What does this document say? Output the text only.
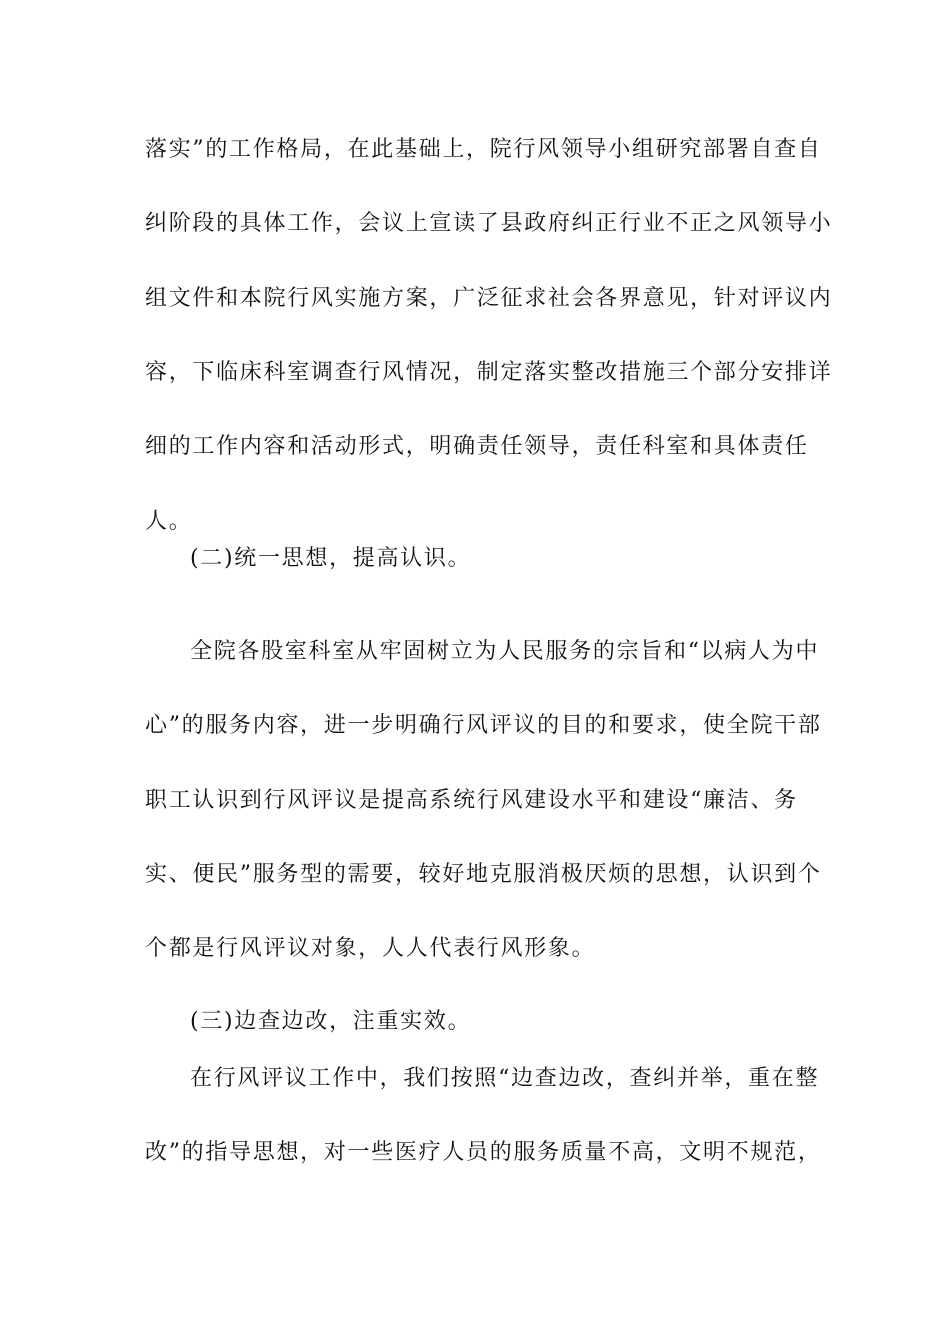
落实”的工作格局，在此基础上，院行风领导小组研究部署自查自
纠阶段的具体工作，会议上宣读了县政府纠正行业不正之风领导小
组文件和本院行风实施方案，广泛征求社会各界意见，针对评议内
容，下临床科室调查行风情况，制定落实整改措施三个部分安排详
细的工作内容和活动形式，明确责任领导，责任科室和具体责任
人。
(二)统一思想，提高认识。
全院各股室科室从牢固树立为人民服务的宗旨和“以病人为中
心”的服务内容，进一步明确行风评议的目的和要求，使全院干部
职工认识到行风评议是提高系统行风建设水平和建设“廉洁、务
实、便民”服务型的需要，较好地克服消极厌烦的思想，认识到个
个都是行风评议对象，人人代表行风形象。
(三)边查边改，注重实效。
在行风评议工作中，我们按照“边查边改，查纠并举，重在整
改”的指导思想，对一些医疗人员的服务质量不高，文明不规范，
